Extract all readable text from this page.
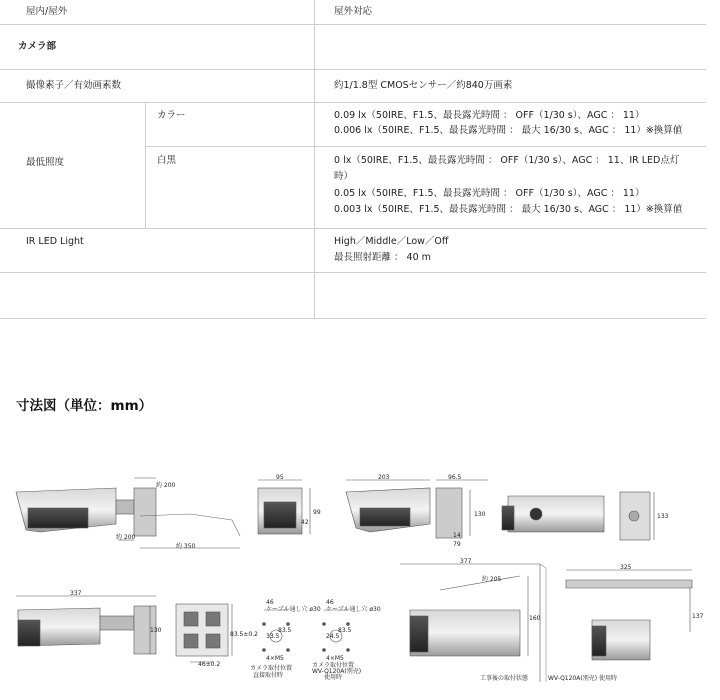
屋内/屋外	屋外対応
カメラ部
撮像素子／有効画素数	約1/1.8型 CMOSセンサー／約840万画素
最低照度
カラー	0.09 lx（50IRE、F1.5、最長露光時間 ： OFF（1/30 s）、AGC ： 11）
0.006 lx（50IRE、F1.5、最長露光時間 ： 最大 16/30 s、AGC ： 11）※換算値
白黒	0 lx（50IRE、F1.5、最長露光時間 ： OFF（1/30 s）、AGC ： 11、IR LED点灯
時）
0.05 lx（50IRE、F1.5、最長露光時間 ： OFF（1/30 s）、AGC ： 11）
0.003 lx（50IRE、F1.5、最長露光時間 ： 最大 16/30 s、AGC ： 11）※換算値
IR LED Light	High／Middle／Low／Off
最長照射距離 ： 40 m
寸法図（単位：mm）
約 200
約 200
約 350
95
99
42
203	96.5
130
14
79
133
337
130
83.5±0.2
46±0.2
46
ケーブル通し穴 ø30
33.5
83.5
4×M5
カメラ取付位置
直接取付時
46
ケーブル通し穴 ø30
24.5
83.5
4×M5
カメラ取付位置
WV-Q120A(別売)
使用時
377
約 205
160
工事後の取付状態
325
137
WV-Q120A(別売) 使用時
